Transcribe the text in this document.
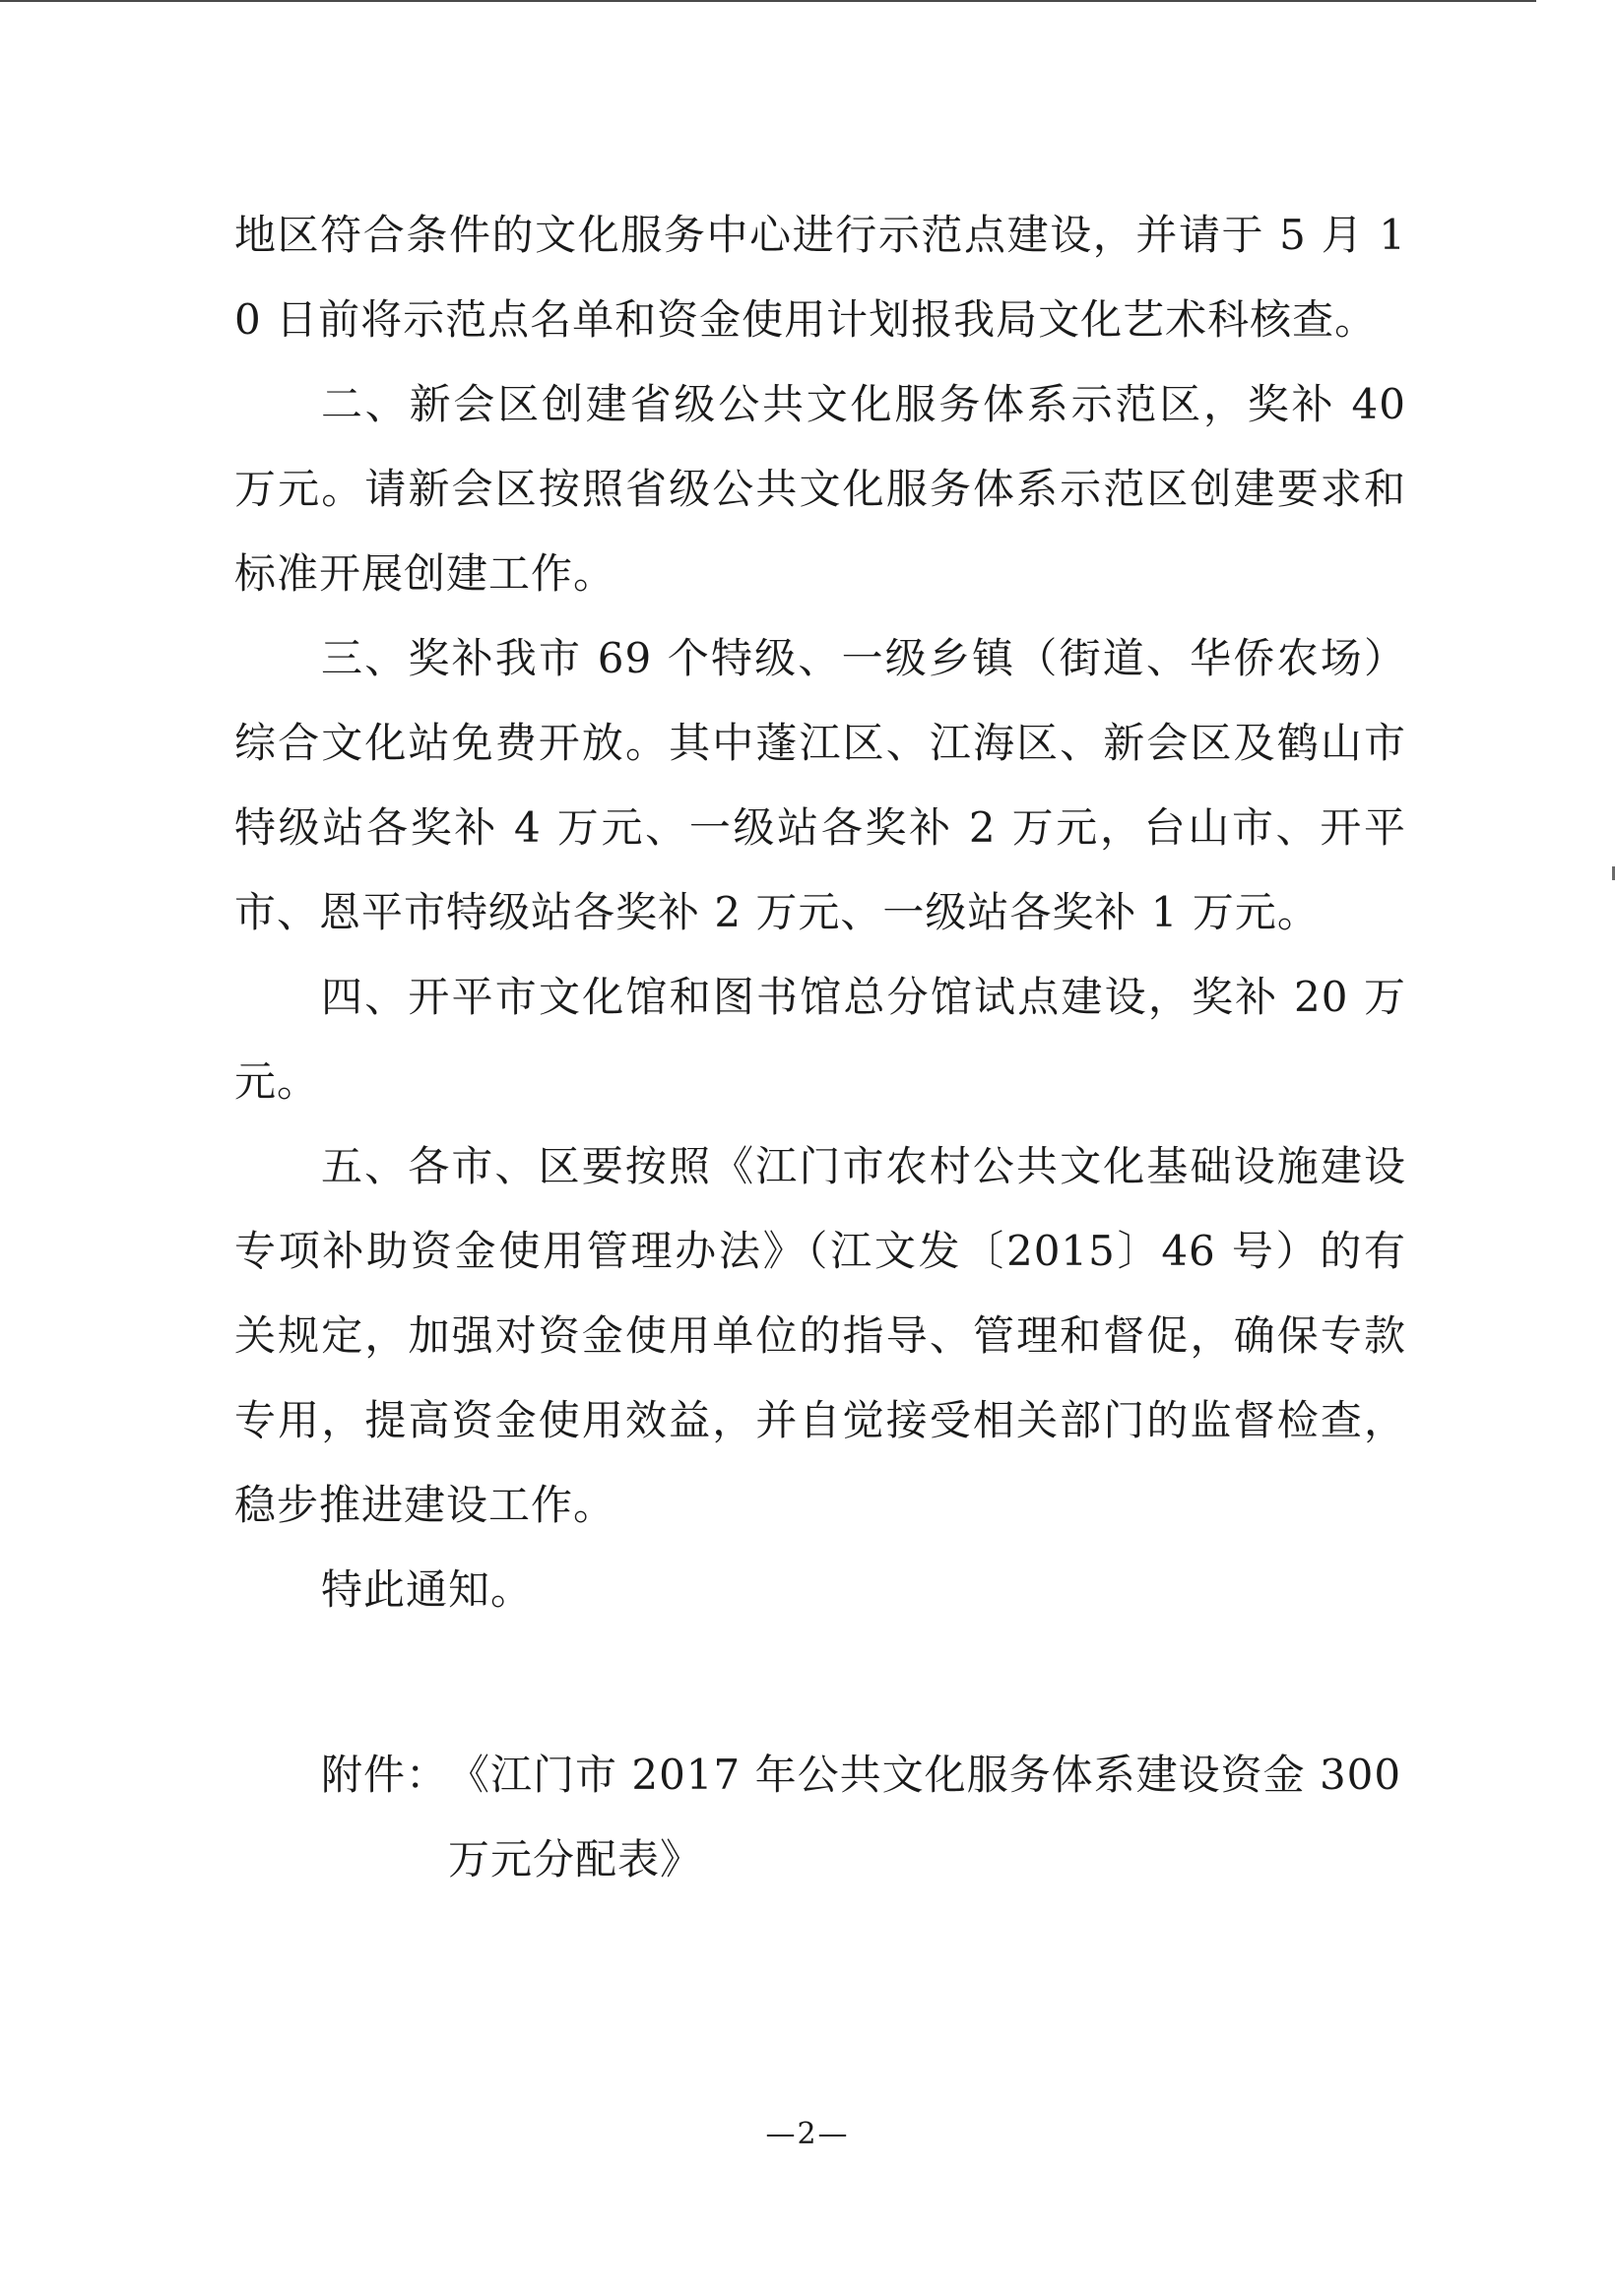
地区符合条件的文化服务中心进行示范点建设，并请于 5 月 10 日前将示范点名单和资金使用计划报我局文化艺术科核查。

二、新会区创建省级公共文化服务体系示范区，奖补 40 万元。请新会区按照省级公共文化服务体系示范区创建要求和标准开展创建工作。

三、奖补我市 69 个特级、一级乡镇（街道、华侨农场）综合文化站免费开放。其中蓬江区、江海区、新会区及鹤山市特级站各奖补 4 万元、一级站各奖补 2 万元，台山市、开平市、恩平市特级站各奖补 2 万元、一级站各奖补 1 万元。

四、开平市文化馆和图书馆总分馆试点建设，奖补 20 万元。

五、各市、区要按照《江门市农村公共文化基础设施建设专项补助资金使用管理办法》（江文发〔2015〕46 号）的有关规定，加强对资金使用单位的指导、管理和督促，确保专款专用，提高资金使用效益，并自觉接受相关部门的监督检查，稳步推进建设工作。

特此通知。

附件： 《江门市 2017 年公共文化服务体系建设资金 300 万元分配表》
—2—
